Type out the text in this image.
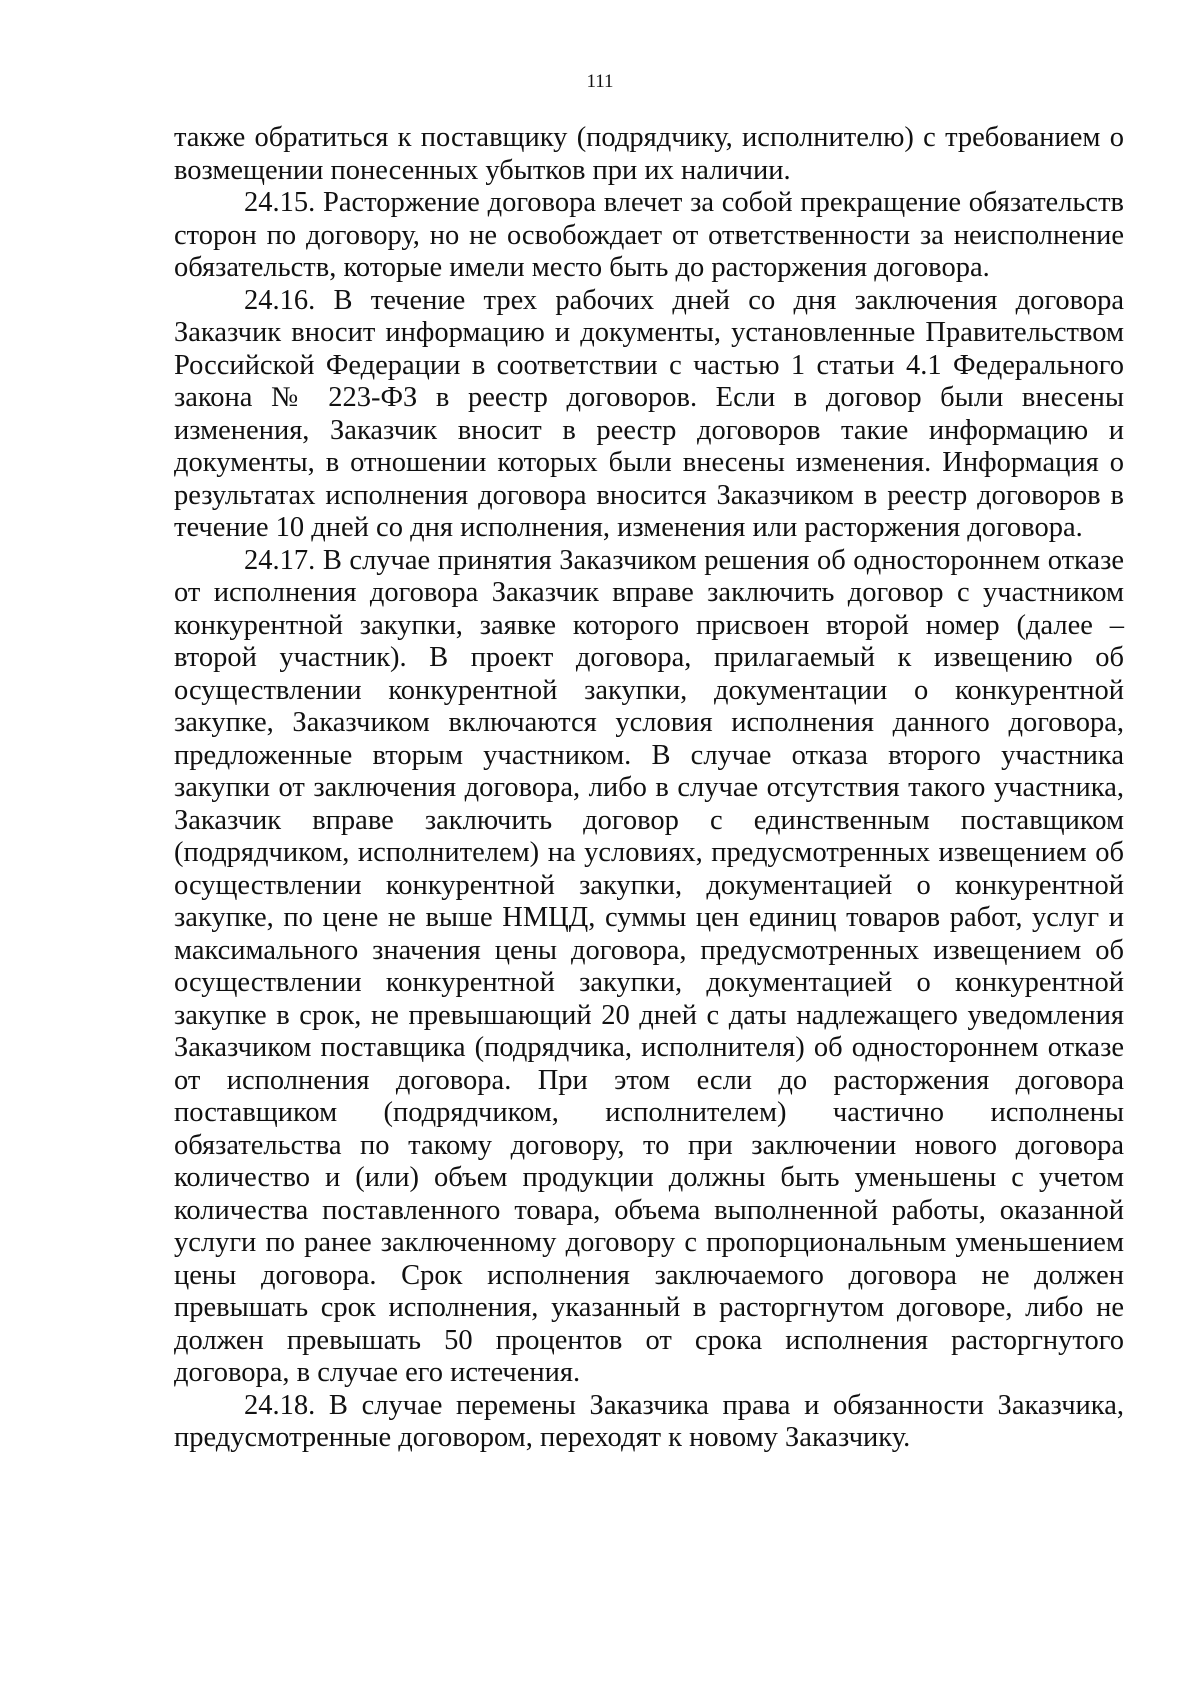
111

также обратиться к поставщику (подрядчику, исполнителю) с требованием о возмещении понесенных убытков при их наличии.

24.15. Расторжение договора влечет за собой прекращение обязательств сторон по договору, но не освобождает от ответственности за неисполнение обязательств, которые имели место быть до расторжения договора.

24.16. В течение трех рабочих дней со дня заключения договора Заказчик вносит информацию и документы, установленные Правительством Российской Федерации в соответствии с частью 1 статьи 4.1 Федерального закона № 223-ФЗ в реестр договоров. Если в договор были внесены изменения, Заказчик вносит в реестр договоров такие информацию и документы, в отношении которых были внесены изменения. Информация о результатах исполнения договора вносится Заказчиком в реестр договоров в течение 10 дней со дня исполнения, изменения или расторжения договора.

24.17. В случае принятия Заказчиком решения об одностороннем отказе от исполнения договора Заказчик вправе заключить договор с участником конкурентной закупки, заявке которого присвоен второй номер (далее – второй участник). В проект договора, прилагаемый к извещению об осуществлении конкурентной закупки, документации о конкурентной закупке, Заказчиком включаются условия исполнения данного договора, предложенные вторым участником. В случае отказа второго участника закупки от заключения договора, либо в случае отсутствия такого участника, Заказчик вправе заключить договор с единственным поставщиком (подрядчиком, исполнителем) на условиях, предусмотренных извещением об осуществлении конкурентной закупки, документацией о конкурентной закупке, по цене не выше НМЦД, суммы цен единиц товаров работ, услуг и максимального значения цены договора, предусмотренных извещением об осуществлении конкурентной закупки, документацией о конкурентной закупке в срок, не превышающий 20 дней с даты надлежащего уведомления Заказчиком поставщика (подрядчика, исполнителя) об одностороннем отказе от исполнения договора. При этом если до расторжения договора поставщиком (подрядчиком, исполнителем) частично исполнены обязательства по такому договору, то при заключении нового договора количество и (или) объем продукции должны быть уменьшены с учетом количества поставленного товара, объема выполненной работы, оказанной услуги по ранее заключенному договору с пропорциональным уменьшением цены договора. Срок исполнения заключаемого договора не должен превышать срок исполнения, указанный в расторгнутом договоре, либо не должен превышать 50 процентов от срока исполнения расторгнутого договора, в случае его истечения.

24.18. В случае перемены Заказчика права и обязанности Заказчика, предусмотренные договором, переходят к новому Заказчику.
